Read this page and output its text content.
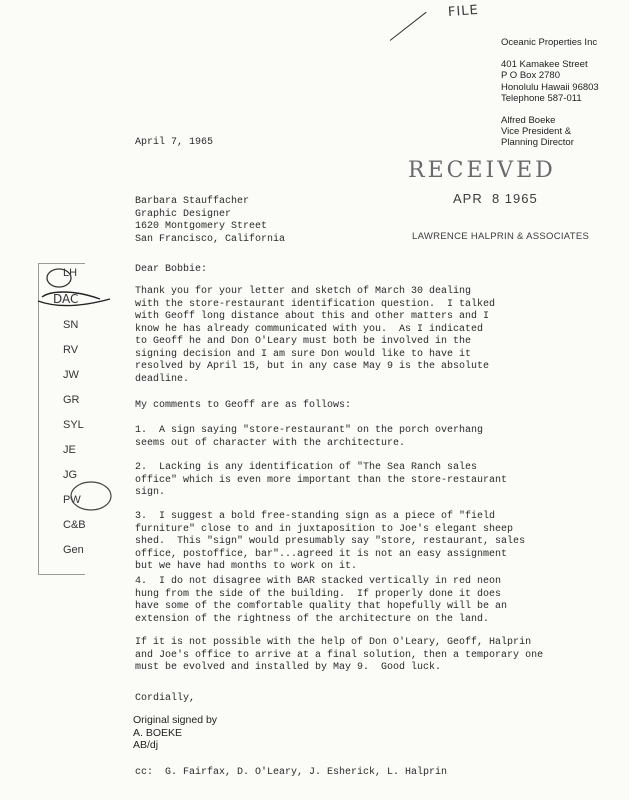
FILE
Oceanic Properties Inc
401 Kamakee Street
P O Box 2780
Honolulu Hawaii 96803
Telephone 587-011
Alfred Boeke
Vice President &
Planning Director
April 7, 1965
RECEIVED
APR  8 1965
LAWRENCE HALPRIN & ASSOCIATES
Barbara Stauffacher
Graphic Designer
1620 Montgomery Street
San Francisco, California
Dear Bobbie:
LH
DAC
SN
RV
JW
GR
SYL
JE
JG
PW
C&B
Gen
Thank you for your letter and sketch of March 30 dealing
with the store-restaurant identification question.  I talked
with Geoff long distance about this and other matters and I
know he has already communicated with you.  As I indicated
to Geoff he and Don O'Leary must both be involved in the
signing decision and I am sure Don would like to have it
resolved by April 15, but in any case May 9 is the absolute
deadline.
My comments to Geoff are as follows:
1.  A sign saying "store-restaurant" on the porch overhang
seems out of character with the architecture.
2.  Lacking is any identification of "The Sea Ranch sales
office" which is even more important than the store-restaurant
sign.
3.  I suggest a bold free-standing sign as a piece of "field
furniture" close to and in juxtaposition to Joe's elegant sheep
shed.  This "sign" would presumably say "store, restaurant, sales
office, postoffice, bar"...agreed it is not an easy assignment
but we have had months to work on it.
4.  I do not disagree with BAR stacked vertically in red neon
hung from the side of the building.  If properly done it does
have some of the comfortable quality that hopefully will be an
extension of the rightness of the architecture on the land.
If it is not possible with the help of Don O'Leary, Geoff, Halprin
and Joe's office to arrive at a final solution, then a temporary one
must be evolved and installed by May 9.  Good luck.
Cordially,
Original signed by
A. BOEKE
AB/dj
cc:  G. Fairfax, D. O'Leary, J. Esherick, L. Halprin
